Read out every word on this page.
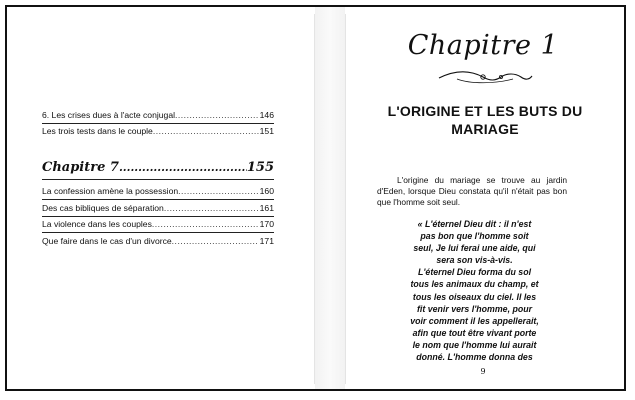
6. Les crises dues à l'acte conjugal .....	146
Les trois tests dans le couple .....	151
Chapitre 7 .....	155
La confession amène la possession .....	160
Des cas bibliques de séparation .....	161
La violence dans les couples .....	170
Que faire dans le cas d'un divorce .....	171
Chapitre 1
L'ORIGINE ET LES BUTS DU
MARIAGE
L'origine du mariage se trouve au jardin d'Eden, lorsque Dieu constata qu'il n'était pas bon que l'homme soit seul.
« L'éternel Dieu dit : il n'est
pas bon que l'homme soit
seul, Je lui ferai une aide, qui
sera son vis-à-vis.
L'éternel Dieu forma du sol
tous les animaux du champ, et
tous les oiseaux du ciel. Il les
fit venir vers l'homme, pour
voir comment il les appellerait,
afin que tout être vivant porte
le nom que l'homme lui aurait
donné. L'homme donna des
9
